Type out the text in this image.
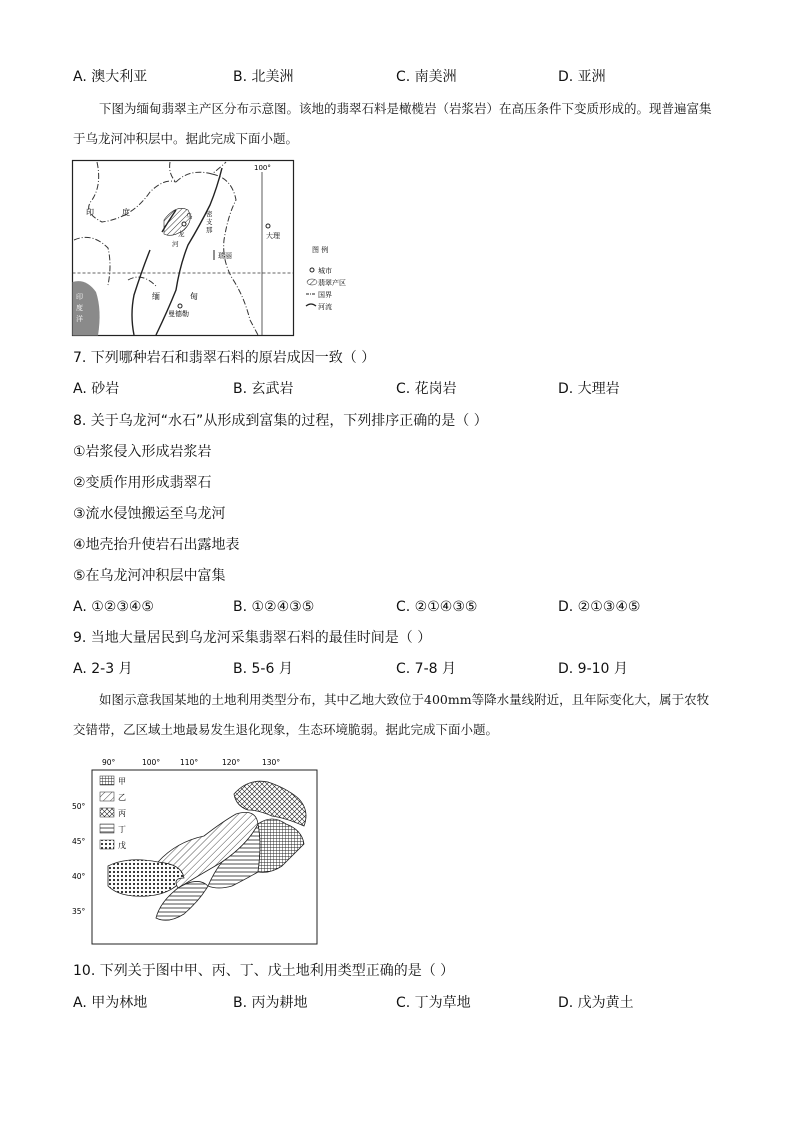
A. 澳大利亚	B. 北美洲	C. 南美洲	D. 亚洲
下图为缅甸翡翠主产区分布示意图。该地的翡翠石料是橄榄岩（岩浆岩）在高压条件下变质形成的。现普遍富集于乌龙河冲积层中。据此完成下面小题。
100°
印	度	乌
龙
河
密
支
那
大理
瑞丽
缅	甸
曼德勒
印
度
洋
图 例
城市
翡翠产区
国界
河流
7. 下列哪种岩石和翡翠石料的原岩成因一致（ ）
A. 砂岩	B. 玄武岩	C. 花岗岩	D. 大理岩
8. 关于乌龙河“水石”从形成到富集的过程，下列排序正确的是（ ）
①岩浆侵入形成岩浆岩
②变质作用形成翡翠石
③流水侵蚀搬运至乌龙河
④地壳抬升使岩石出露地表
⑤在乌龙河冲积层中富集
A. ①②③④⑤	B. ①②④③⑤	C. ②①④③⑤	D. ②①③④⑤
9. 当地大量居民到乌龙河采集翡翠石料的最佳时间是（ ）
A. 2-3 月	B. 5-6 月	C. 7-8 月	D. 9-10 月
如图示意我国某地的土地利用类型分布，其中乙地大致位于400mm等降水量线附近，且年际变化大，属于农牧交错带，乙区域土地最易发生退化现象，生态环境脆弱。据此完成下面小题。
90°	100°	110°	120°	130°
50°
45°
40°
35°
甲
乙
丙
丁
戊
10. 下列关于图中甲、丙、丁、戊土地利用类型正确的是（ ）
A. 甲为林地	B. 丙为耕地	C. 丁为草地	D. 戊为黄土
